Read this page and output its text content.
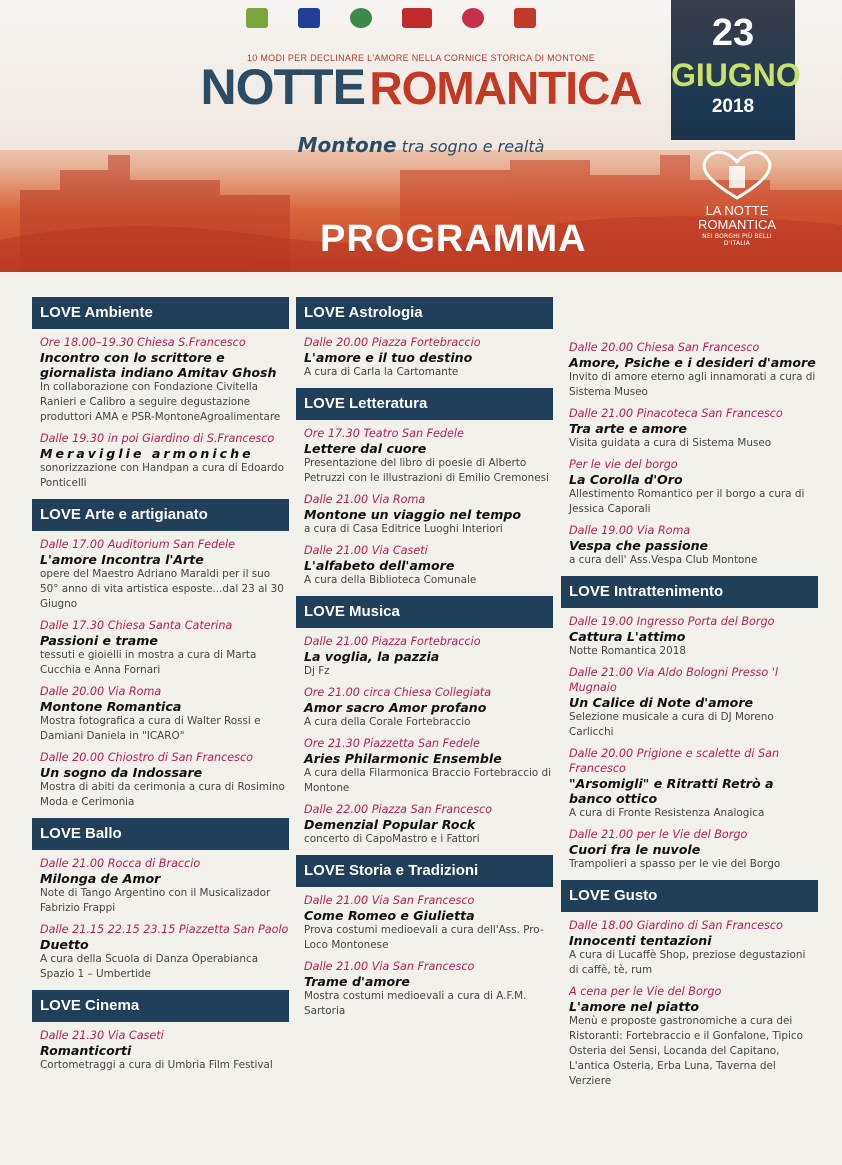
10 MODI PER DECLINARE L'AMORE NELLA CORNICE STORICA DI MONTONE
NOTTE ROMANTICA
Montone tra sogno e realtà
PROGRAMMA
23
GIUGNO
2018
LA NOTTE
ROMANTICA
NEI BORGHI PIÙ BELLI D'ITALIA
LOVE Ambiente
Ore 18.00–19.30 Chiesa S.Francesco
Incontro con lo scrittore e giornalista indiano Amitav Ghosh
In collaborazione con Fondazione Civitella Ranieri e Calibro a seguire degustazione produttori AMA e PSR-MontoneAgroalimentare
Dalle 19.30 in poi Giardino di S.Francesco
Meraviglie armoniche
sonorizzazione con Handpan a cura di Edoardo Ponticelli
LOVE Arte e artigianato
Dalle 17.00 Auditorium San Fedele
L'amore Incontra l'Arte
opere del Maestro Adriano Maraldi per il suo 50° anno di vita artistica esposte...dal 23 al 30 Giugno
Dalle 17.30 Chiesa Santa Caterina
Passioni e trame
tessuti e gioielli in mostra a cura di Marta Cucchia e Anna Fornari
Dalle 20.00 Via Roma
Montone Romantica
Mostra fotografica a cura di Walter Rossi e Damiani Daniela in "ICARO"
Dalle 20.00 Chiostro di San Francesco
Un sogno da Indossare
Mostra di abiti da cerimonia a cura di Rosimino Moda e Cerimonia
LOVE Ballo
Dalle 21.00 Rocca di Braccio
Milonga de Amor
Note di Tango Argentino con il Musicalizador Fabrizio Frappi
Dalle 21.15 22.15 23.15 Piazzetta San Paolo
Duetto
A cura della Scuola di Danza Operabianca Spazio 1 – Umbertide
LOVE Cinema
Dalle 21.30 Via Caseti
Romanticorti
Cortometraggi a cura di Umbria Film Festival
LOVE Astrologia
Dalle 20.00 Piazza Fortebraccio
L'amore e il tuo destino
A cura di Carla la Cartomante
LOVE Letteratura
Ore 17.30 Teatro San Fedele
Lettere dal cuore
Presentazione del libro di poesie di Alberto Petruzzi con le illustrazioni di Emilio Cremonesi
Dalle 21.00 Via Roma
Montone un viaggio nel tempo
a cura di Casa Editrice Luoghi Interiori
Dalle 21.00 Via Caseti
L'alfabeto dell'amore
A cura della Biblioteca Comunale
LOVE Musica
Dalle 21.00 Piazza Fortebraccio
La voglia, la pazzia
Dj Fz
Ore 21.00 circa Chiesa Collegiata
Amor sacro Amor profano
A cura della Corale Fortebraccio
Ore 21.30 Piazzetta San Fedele
Aries Philarmonic Ensemble
A cura della Filarmonica Braccio Fortebraccio di Montone
Dalle 22.00 Piazza San Francesco
Demenzial Popular Rock
concerto di CapoMastro e i Fattori
LOVE Storia e Tradizioni
Dalle 21.00 Via San Francesco
Come Romeo e Giulietta
Prova costumi medioevali a cura dell'Ass. Pro-Loco Montonese
Dalle 21.00 Via San Francesco
Trame d'amore
Mostra costumi medioevali a cura di A.F.M. Sartoria
Dalle 20.00 Chiesa San Francesco
Amore, Psiche e i desideri d'amore
Invito di amore eterno agli innamorati a cura di Sistema Museo
Dalle 21.00 Pinacoteca San Francesco
Tra arte e amore
Visita guidata a cura di Sistema Museo
Per le vie del borgo
La Corolla d'Oro
Allestimento Romantico per il borgo a cura di Jessica Caporali
Dalle 19.00 Via Roma
Vespa che passione
a cura dell' Ass.Vespa Club Montone
LOVE Intrattenimento
Dalle 19.00 Ingresso Porta del Borgo
Cattura L'attimo
Notte Romantica 2018
Dalle 21.00 Via Aldo Bologni Presso 'l Mugnaio
Un Calice di Note d'amore
Selezione musicale a cura di DJ Moreno Carlicchi
Dalle 20.00 Prigione e scalette di San Francesco
"Arsomigli" e Ritratti Retrò a banco ottico
A cura di Fronte Resistenza Analogica
Dalle 21.00 per le Vie del Borgo
Cuori fra le nuvole
Trampolieri a spasso per le vie del Borgo
LOVE Gusto
Dalle 18.00 Giardino di San Francesco
Innocenti tentazioni
A cura di Lucaffè Shop, preziose degustazioni di caffè, tè, rum
A cena per le Vie del Borgo
L'amore nel piatto
Menù e proposte gastronomiche a cura dei Ristoranti: Fortebraccio e il Gonfalone, Tipico Osteria dei Sensi, Locanda del Capitano, L'antica Osteria, Erba Luna, Taverna del Verziere
